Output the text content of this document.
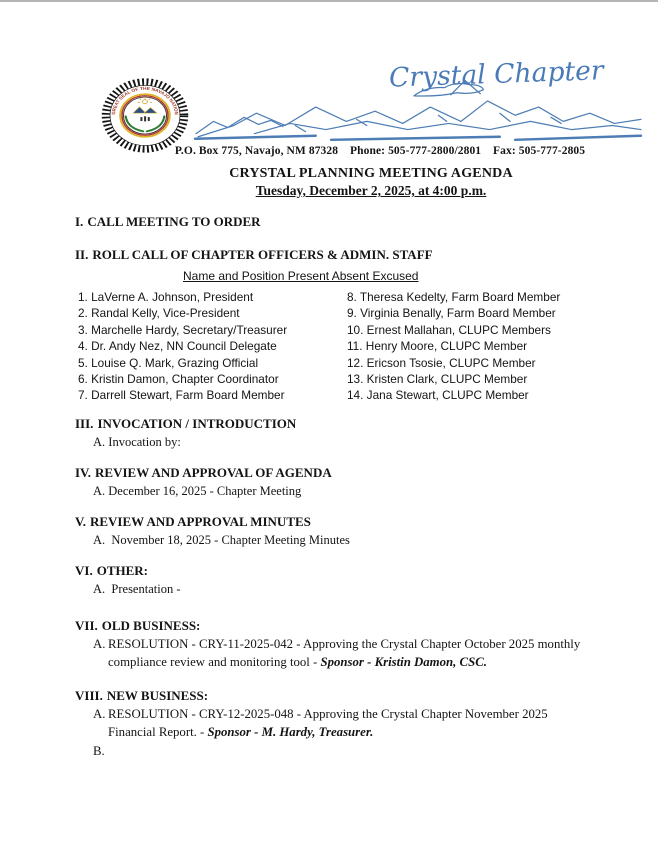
GREAT SEAL OF THE NAVAJO NATION
Crystal Chapter
P.O. Box 775, Navajo, NM 87328    Phone: 505-777-2800/2801    Fax: 505-777-2805
CRYSTAL PLANNING MEETING AGENDA
Tuesday, December 2, 2025, at 4:00 p.m.
I. CALL MEETING TO ORDER
II. ROLL CALL OF CHAPTER OFFICERS & ADMIN. STAFF
Name and Position Present Absent Excused
1. LaVerne A. Johnson, President
2. Randal Kelly, Vice-President
3. Marchelle Hardy, Secretary/Treasurer
4. Dr. Andy Nez, NN Council Delegate
5. Louise Q. Mark, Grazing Official
6. Kristin Damon, Chapter Coordinator
7. Darrell Stewart, Farm Board Member
8. Theresa Kedelty, Farm Board Member
9. Virginia Benally, Farm Board Member
10. Ernest Mallahan, CLUPC Members
11. Henry Moore, CLUPC Member
12. Ericson Tsosie, CLUPC Member
13. Kristen Clark, CLUPC Member
14. Jana Stewart, CLUPC Member
III. INVOCATION / INTRODUCTION
A. Invocation by:
IV. REVIEW AND APPROVAL OF AGENDA
A. December 16, 2025 - Chapter Meeting
V. REVIEW AND APPROVAL MINUTES
A.  November 18, 2025 - Chapter Meeting Minutes
VI. OTHER:
A.  Presentation -
VII. OLD BUSINESS:
A. RESOLUTION - CRY-11-2025-042 - Approving the Crystal Chapter October 2025 monthly compliance review and monitoring tool - Sponsor - Kristin Damon, CSC.
VIII. NEW BUSINESS:
A. RESOLUTION - CRY-12-2025-048 - Approving the Crystal Chapter November 2025 Financial Report. - Sponsor - M. Hardy, Treasurer.
B.
